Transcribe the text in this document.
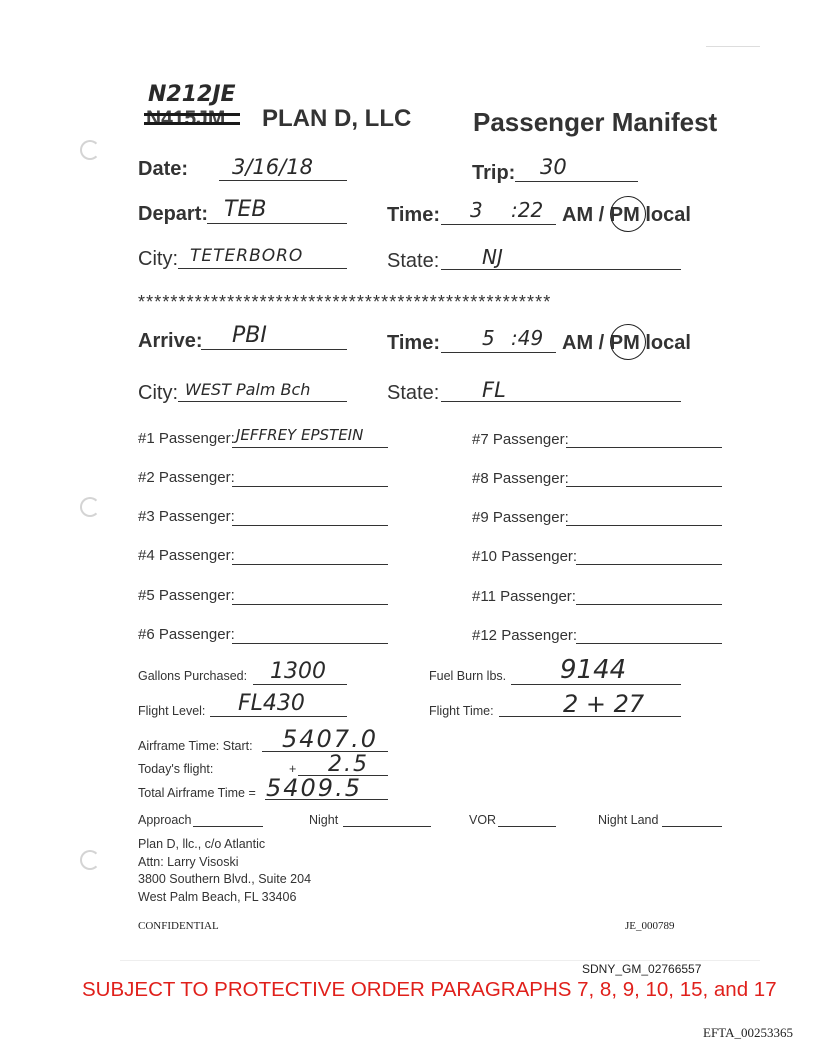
N212JE
N415JM PLAN D, LLC Passenger Manifest
Date: 3/16/18	Trip: 30
Depart: TEB	Time: 3 :22 AM / PM local
City: TETERBORO	State: NJ
***************************************************
Arrive: PBI	Time: 5 :49 AM / PM local
City: WEST Palm Bch	State: FL
#1 Passenger: JEFFREY EPSTEIN
#2 Passenger:
#3 Passenger:
#4 Passenger:
#5 Passenger:
#6 Passenger:
#7 Passenger:
#8 Passenger:
#9 Passenger:
#10 Passenger:
#11 Passenger:
#12 Passenger:
Gallons Purchased: 1300	Fuel Burn lbs. 9144
Flight Level: FL430	Flight Time:	2 + 27
Airframe Time: Start: 5407.0
Today's flight:	+ 2.5
Total Airframe Time = 5409.5
Approach	Night	VOR	Night Land
Plan D, llc., c/o Atlantic
Attn: Larry Visoski
3800 Southern Blvd., Suite 204
West Palm Beach, FL 33406
CONFIDENTIAL	JE_000789
SDNY_GM_02766557
SUBJECT TO PROTECTIVE ORDER PARAGRAPHS 7, 8, 9, 10, 15, and 17
EFTA_00253365
